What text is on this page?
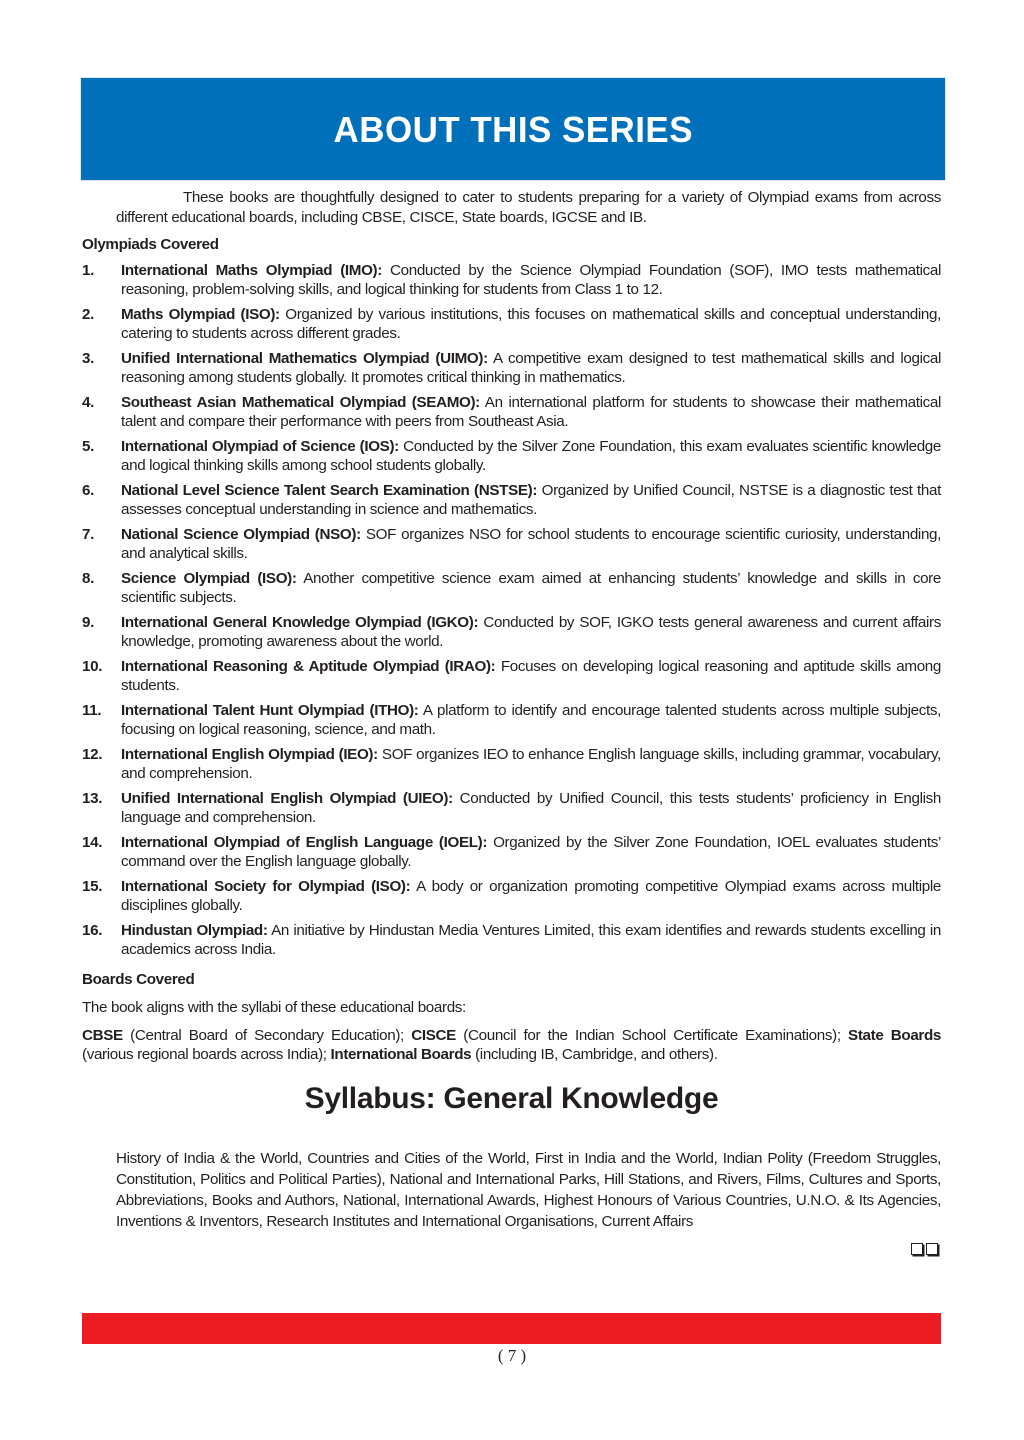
ABOUT THIS SERIES

These books are thoughtfully designed to cater to students preparing for a variety of Olympiad exams from across different educational boards, including CBSE, CISCE, State boards, IGCSE and IB.

Olympiads Covered

1. International Maths Olympiad (IMO): Conducted by the Science Olympiad Foundation (SOF), IMO tests mathematical reasoning, problem-solving skills, and logical thinking for students from Class 1 to 12.
2. Maths Olympiad (ISO): Organized by various institutions, this focuses on mathematical skills and conceptual understanding, catering to students across different grades.
3. Unified International Mathematics Olympiad (UIMO): A competitive exam designed to test mathematical skills and logical reasoning among students globally. It promotes critical thinking in mathematics.
4. Southeast Asian Mathematical Olympiad (SEAMO): An international platform for students to showcase their mathematical talent and compare their performance with peers from Southeast Asia.
5. International Olympiad of Science (IOS): Conducted by the Silver Zone Foundation, this exam evaluates scientific knowledge and logical thinking skills among school students globally.
6. National Level Science Talent Search Examination (NSTSE): Organized by Unified Council, NSTSE is a diagnostic test that assesses conceptual understanding in science and mathematics.
7. National Science Olympiad (NSO): SOF organizes NSO for school students to encourage scientific curiosity, understanding, and analytical skills.
8. Science Olympiad (ISO): Another competitive science exam aimed at enhancing students’ knowledge and skills in core scientific subjects.
9. International General Knowledge Olympiad (IGKO): Conducted by SOF, IGKO tests general awareness and current affairs knowledge, promoting awareness about the world.
10. International Reasoning & Aptitude Olympiad (IRAO): Focuses on developing logical reasoning and aptitude skills among students.
11. International Talent Hunt Olympiad (ITHO): A platform to identify and encourage talented students across multiple subjects, focusing on logical reasoning, science, and math.
12. International English Olympiad (IEO): SOF organizes IEO to enhance English language skills, including grammar, vocabulary, and comprehension.
13. Unified International English Olympiad (UIEO): Conducted by Unified Council, this tests students’ proficiency in English language and comprehension.
14. International Olympiad of English Language (IOEL): Organized by the Silver Zone Foundation, IOEL evaluates students’ command over the English language globally.
15. International Society for Olympiad (ISO): A body or organization promoting competitive Olympiad exams across multiple disciplines globally.
16. Hindustan Olympiad: An initiative by Hindustan Media Ventures Limited, this exam identifies and rewards students excelling in academics across India.

Boards Covered

The book aligns with the syllabi of these educational boards:

CBSE (Central Board of Secondary Education); CISCE (Council for the Indian School Certificate Examinations); State Boards (various regional boards across India); International Boards (including IB, Cambridge, and others).

Syllabus: General Knowledge

History of India & the World, Countries and Cities of the World, First in India and the World, Indian Polity (Freedom Struggles, Constitution, Politics and Political Parties), National and International Parks, Hill Stations, and Rivers, Films, Cultures and Sports, Abbreviations, Books and Authors, National, International Awards, Highest Honours of Various Countries, U.N.O. & Its Agencies, Inventions & Inventors, Research Institutes and International Organisations, Current Affairs

( 7 )
